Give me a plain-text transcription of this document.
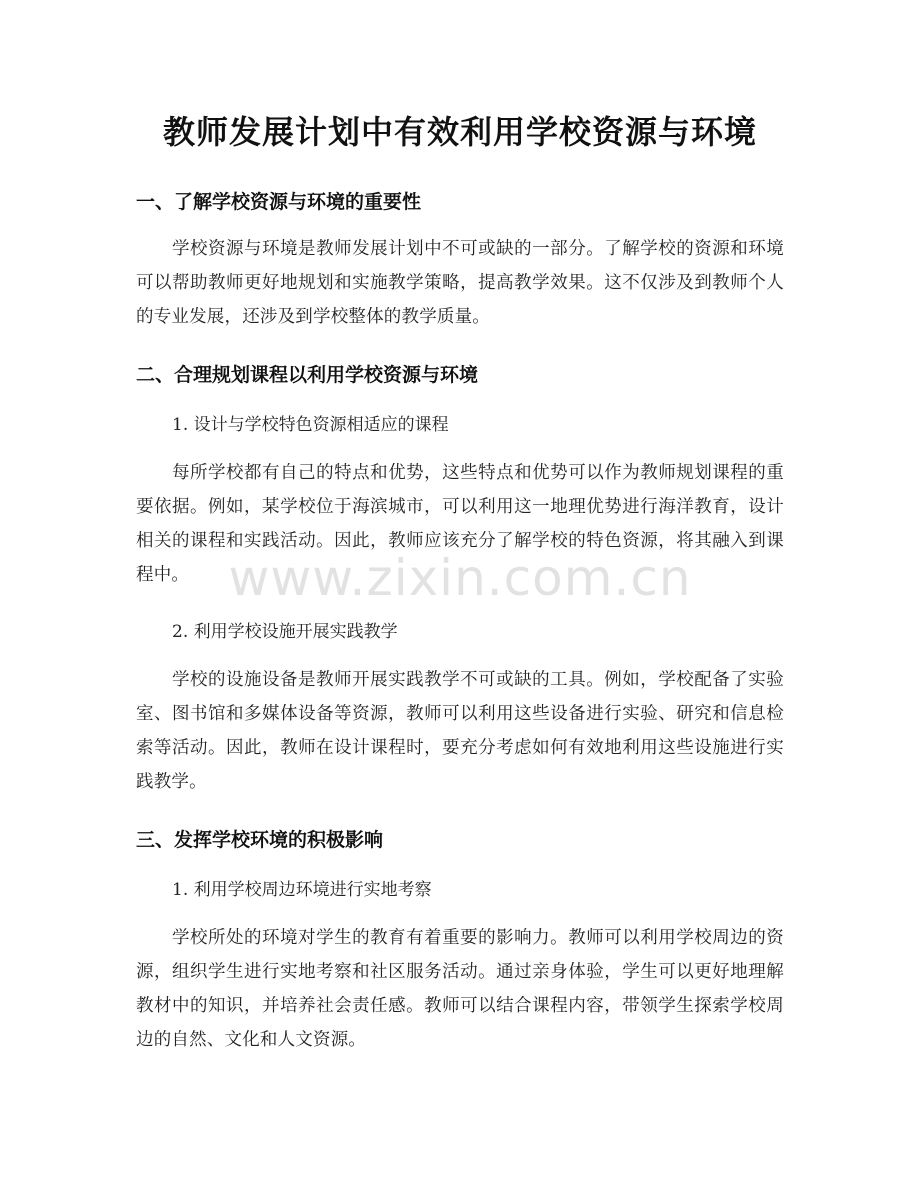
教师发展计划中有效利用学校资源与环境
一、了解学校资源与环境的重要性
学校资源与环境是教师发展计划中不可或缺的一部分。了解学校的资源和环境可以帮助教师更好地规划和实施教学策略，提高教学效果。这不仅涉及到教师个人的专业发展，还涉及到学校整体的教学质量。
二、合理规划课程以利用学校资源与环境
1. 设计与学校特色资源相适应的课程
每所学校都有自己的特点和优势，这些特点和优势可以作为教师规划课程的重要依据。例如，某学校位于海滨城市，可以利用这一地理优势进行海洋教育，设计相关的课程和实践活动。因此，教师应该充分了解学校的特色资源，将其融入到课程中。
2. 利用学校设施开展实践教学
学校的设施设备是教师开展实践教学不可或缺的工具。例如，学校配备了实验室、图书馆和多媒体设备等资源，教师可以利用这些设备进行实验、研究和信息检索等活动。因此，教师在设计课程时，要充分考虑如何有效地利用这些设施进行实践教学。
三、发挥学校环境的积极影响
1. 利用学校周边环境进行实地考察
学校所处的环境对学生的教育有着重要的影响力。教师可以利用学校周边的资源，组织学生进行实地考察和社区服务活动。通过亲身体验，学生可以更好地理解教材中的知识，并培养社会责任感。教师可以结合课程内容，带领学生探索学校周边的自然、文化和人文资源。
www.zixin.com.cn
